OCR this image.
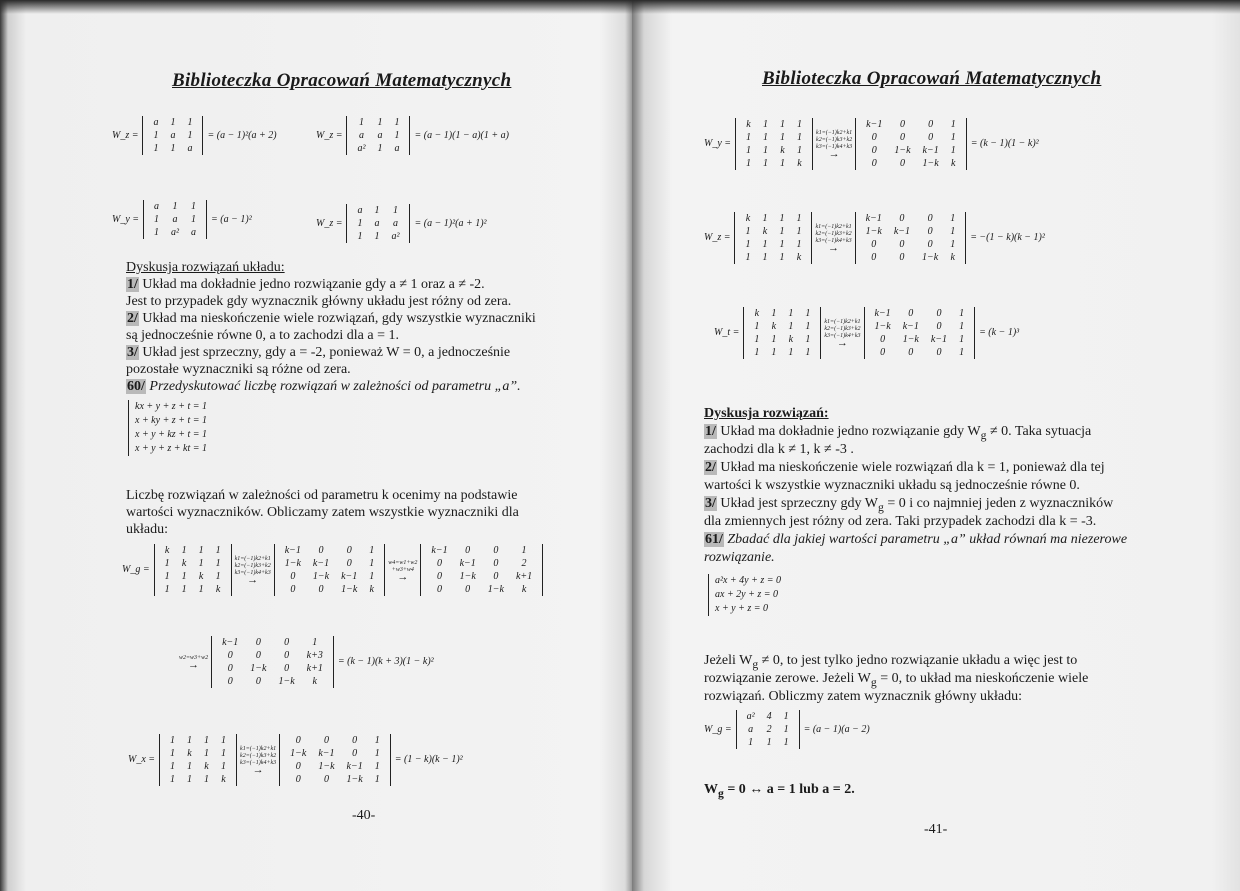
Biblioteczka Opracowań Matematycznych
W_z =
a	1	1
1	a	1
1	1	a
= (a − 1)²(a + 2)	W_z =
1	1	1
a	a	1
a²	1	a
= (a − 1)(1 − a)(1 + a)
W_y =
a	1	1
1	a	1
1	a²	a
= (a − 1)²	W_z =
a	1	1
1	a	a
1	1	a²
= (a − 1)²(a + 1)²
Dyskusja rozwiązań układu:
1/ Układ ma dokładnie jedno rozwiązanie gdy a ≠ 1 oraz a ≠ -2.
Jest to przypadek gdy wyznacznik główny układu jest różny od zera.
2/ Układ ma nieskończenie wiele rozwiązań, gdy wszystkie wyznaczniki
są jednocześnie równe 0, a to zachodzi dla a = 1.
3/ Układ jest sprzeczny, gdy a = -2, ponieważ W = 0, a jednocześnie
pozostałe wyznaczniki są różne od zera.
60/ Przedyskutować liczbę rozwiązań w zależności od parametru „a”.
kx + y + z + t = 1
x + ky + z + t = 1
x + y + kz + t = 1
x + y + z + kt = 1
Liczbę rozwiązań w zależności od parametru k ocenimy na podstawie
wartości wyznaczników. Obliczamy zatem wszystkie wyznaczniki dla
układu:
W_g =
k	1	1	1
1	k	1	1
1	1	k	1
1	1	1	k
k1=(−1)k2+k1
k2=(−1)k3+k2
k3=(−1)k4+k3
→
k−1	0	0	1
1−k	k−1	0	1
0	1−k	k−1	1
0	0	1−k	k
w4=w1+w2
+w3+w4
→
k−1	0	0	1
0	k−1	0	2
0	1−k	0	k+1
0	0	1−k	k
w2=w3+w2
→
k−1	0	0	1
0	0	0	k+3
0	1−k	0	k+1
0	0	1−k	k
= (k − 1)(k + 3)(1 − k)²
W_x =
1	1	1	1
1	k	1	1
1	1	k	1
1	1	1	k
k1=(−1)k2+k1
k2=(−1)k3+k2
k3=(−1)k4+k3
→
0	0	0	1
1−k	k−1	0	1
0	1−k	k−1	1
0	0	1−k	1
= (1 − k)(k − 1)²
-40-
Biblioteczka Opracowań Matematycznych
W_y =
k	1	1	1
1	1	1	1
1	1	k	1
1	1	1	k
k1=(−1)k2+k1
k2=(−1)k3+k2
k3=(−1)k4+k3
→
k−1	0	0	1
0	0	0	1
0	1−k	k−1	1
0	0	1−k	k
= (k − 1)(1 − k)²
W_z =
k	1	1	1
1	k	1	1
1	1	1	1
1	1	1	k
k1=(−1)k2+k1
k2=(−1)k3+k2
k3=(−1)k4+k3
→
k−1	0	0	1
1−k	k−1	0	1
0	0	0	1
0	0	1−k	k
= −(1 − k)(k − 1)²
W_t =
k	1	1	1
1	k	1	1
1	1	k	1
1	1	1	1
k1=(−1)k2+k1
k2=(−1)k3+k2
k3=(−1)k4+k3
→
k−1	0	0	1
1−k	k−1	0	1
0	1−k	k−1	1
0	0	0	1
= (k − 1)³
Dyskusja rozwiązań:
1/ Układ ma dokładnie jedno rozwiązanie gdy $W_g \ne 0$. Taka sytuacja
zachodzi dla k ≠ 1, k ≠ -3 .
2/ Układ ma nieskończenie wiele rozwiązań dla k = 1, ponieważ dla tej
wartości k wszystkie wyznaczniki układu są jednocześnie równe 0.
3/ Układ jest sprzeczny gdy $W_g = 0$ i co najmniej jeden z wyznaczników
dla zmiennych jest różny od zera. Taki przypadek zachodzi dla k = -3.
61/ Zbadać dla jakiej wartości parametru „a” układ równań ma niezerowe
rozwiązanie.
a²x + 4y + z = 0
ax + 2y + z = 0
x + y + z = 0
Jeżeli $W_g \ne 0$, to jest tylko jedno rozwiązanie układu a więc jest to
rozwiązanie zerowe. Jeżeli $W_g = 0$, to układ ma nieskończenie wiele
rozwiązań. Obliczmy zatem wyznacznik główny układu:
W_g =
a²	4	1
a	2	1
1	1	1
= (a − 1)(a − 2)
$W_g = 0$ ↔ a = 1 lub a = 2.
-41-
